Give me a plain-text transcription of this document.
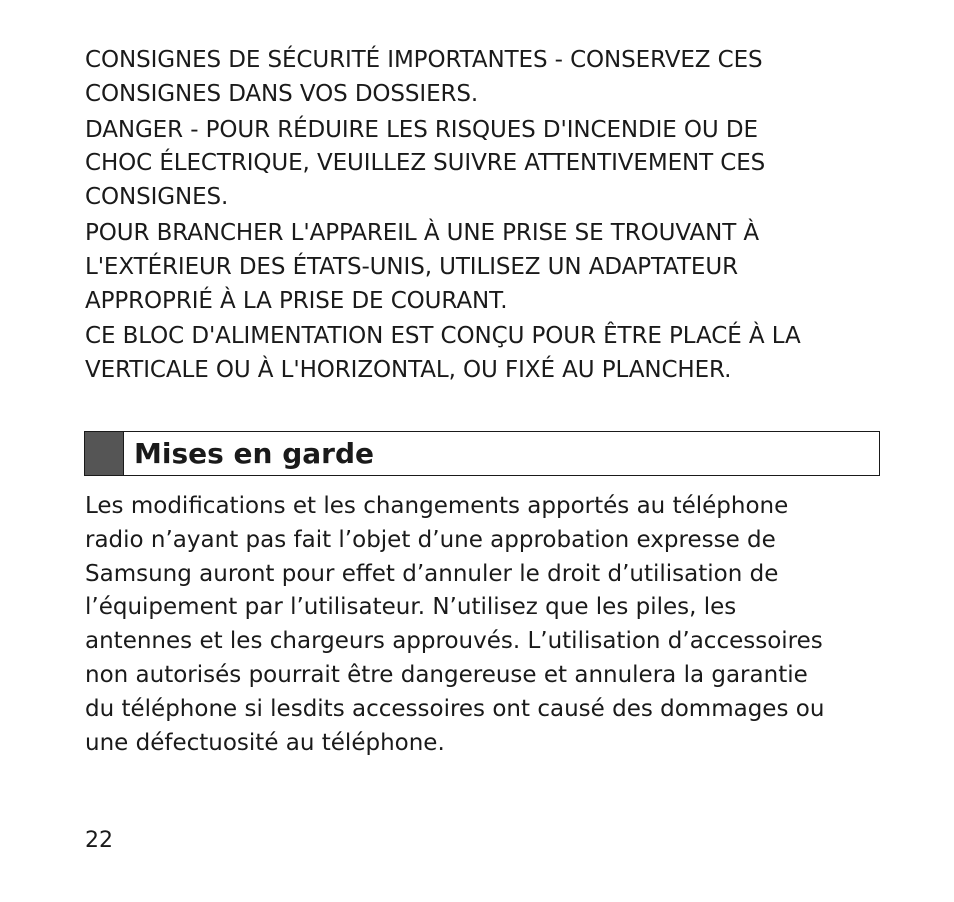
CONSIGNES DE SÉCURITÉ IMPORTANTES - CONSERVEZ CES
CONSIGNES DANS VOS DOSSIERS.

DANGER - POUR RÉDUIRE LES RISQUES D'INCENDIE OU DE
CHOC ÉLECTRIQUE, VEUILLEZ SUIVRE ATTENTIVEMENT CES
CONSIGNES.

POUR BRANCHER L'APPAREIL À UNE PRISE SE TROUVANT À
L'EXTÉRIEUR DES ÉTATS-UNIS, UTILISEZ UN ADAPTATEUR
APPROPRIÉ À LA PRISE DE COURANT.

CE BLOC D'ALIMENTATION EST CONÇU POUR ÊTRE PLACÉ À LA
VERTICALE OU À L'HORIZONTAL, OU FIXÉ AU PLANCHER.

Mises en garde
Les modifications et les changements apportés au téléphone
radio n’ayant pas fait l’objet d’une approbation expresse de
Samsung auront pour effet d’annuler le droit d’utilisation de
l’équipement par l’utilisateur. N’utilisez que les piles, les
antennes et les chargeurs approuvés. L’utilisation d’accessoires
non autorisés pourrait être dangereuse et annulera la garantie
du téléphone si lesdits accessoires ont causé des dommages ou
une défectuosité au téléphone.
22
